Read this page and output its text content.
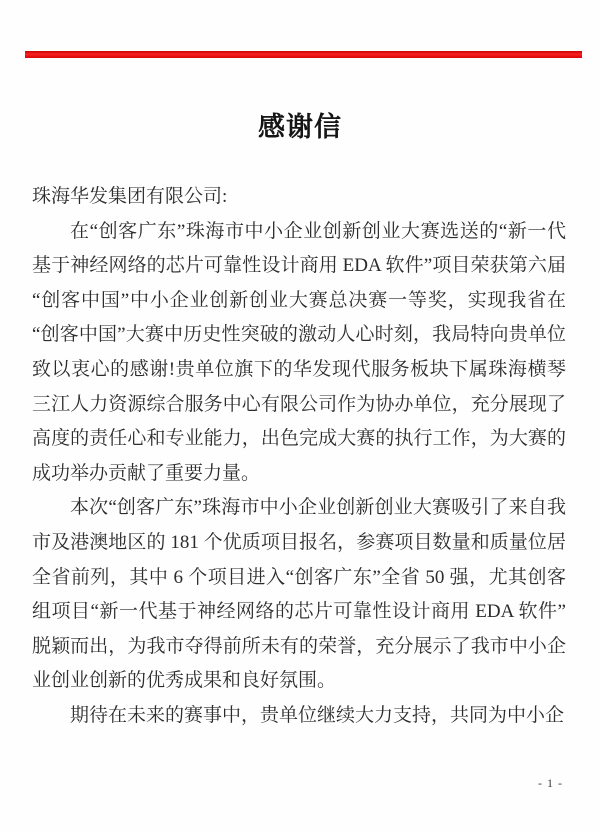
感谢信

珠海华发集团有限公司:

在“创客广东”珠海市中小企业创新创业大赛选送的“新一代基于神经网络的芯片可靠性设计商用 EDA 软件”项目荣获第六届“创客中国”中小企业创新创业大赛总决赛一等奖，实现我省在“创客中国”大赛中历史性突破的激动人心时刻，我局特向贵单位致以衷心的感谢!贵单位旗下的华发现代服务板块下属珠海横琴三江人力资源综合服务中心有限公司作为协办单位，充分展现了高度的责任心和专业能力，出色完成大赛的执行工作，为大赛的成功举办贡献了重要力量。

本次“创客广东”珠海市中小企业创新创业大赛吸引了来自我市及港澳地区的 181 个优质项目报名，参赛项目数量和质量位居全省前列，其中 6 个项目进入“创客广东”全省 50 强，尤其创客组项目“新一代基于神经网络的芯片可靠性设计商用 EDA 软件”脱颖而出，为我市夺得前所未有的荣誉，充分展示了我市中小企业创业创新的优秀成果和良好氛围。

期待在未来的赛事中，贵单位继续大力支持，共同为中小企

- 1 -
